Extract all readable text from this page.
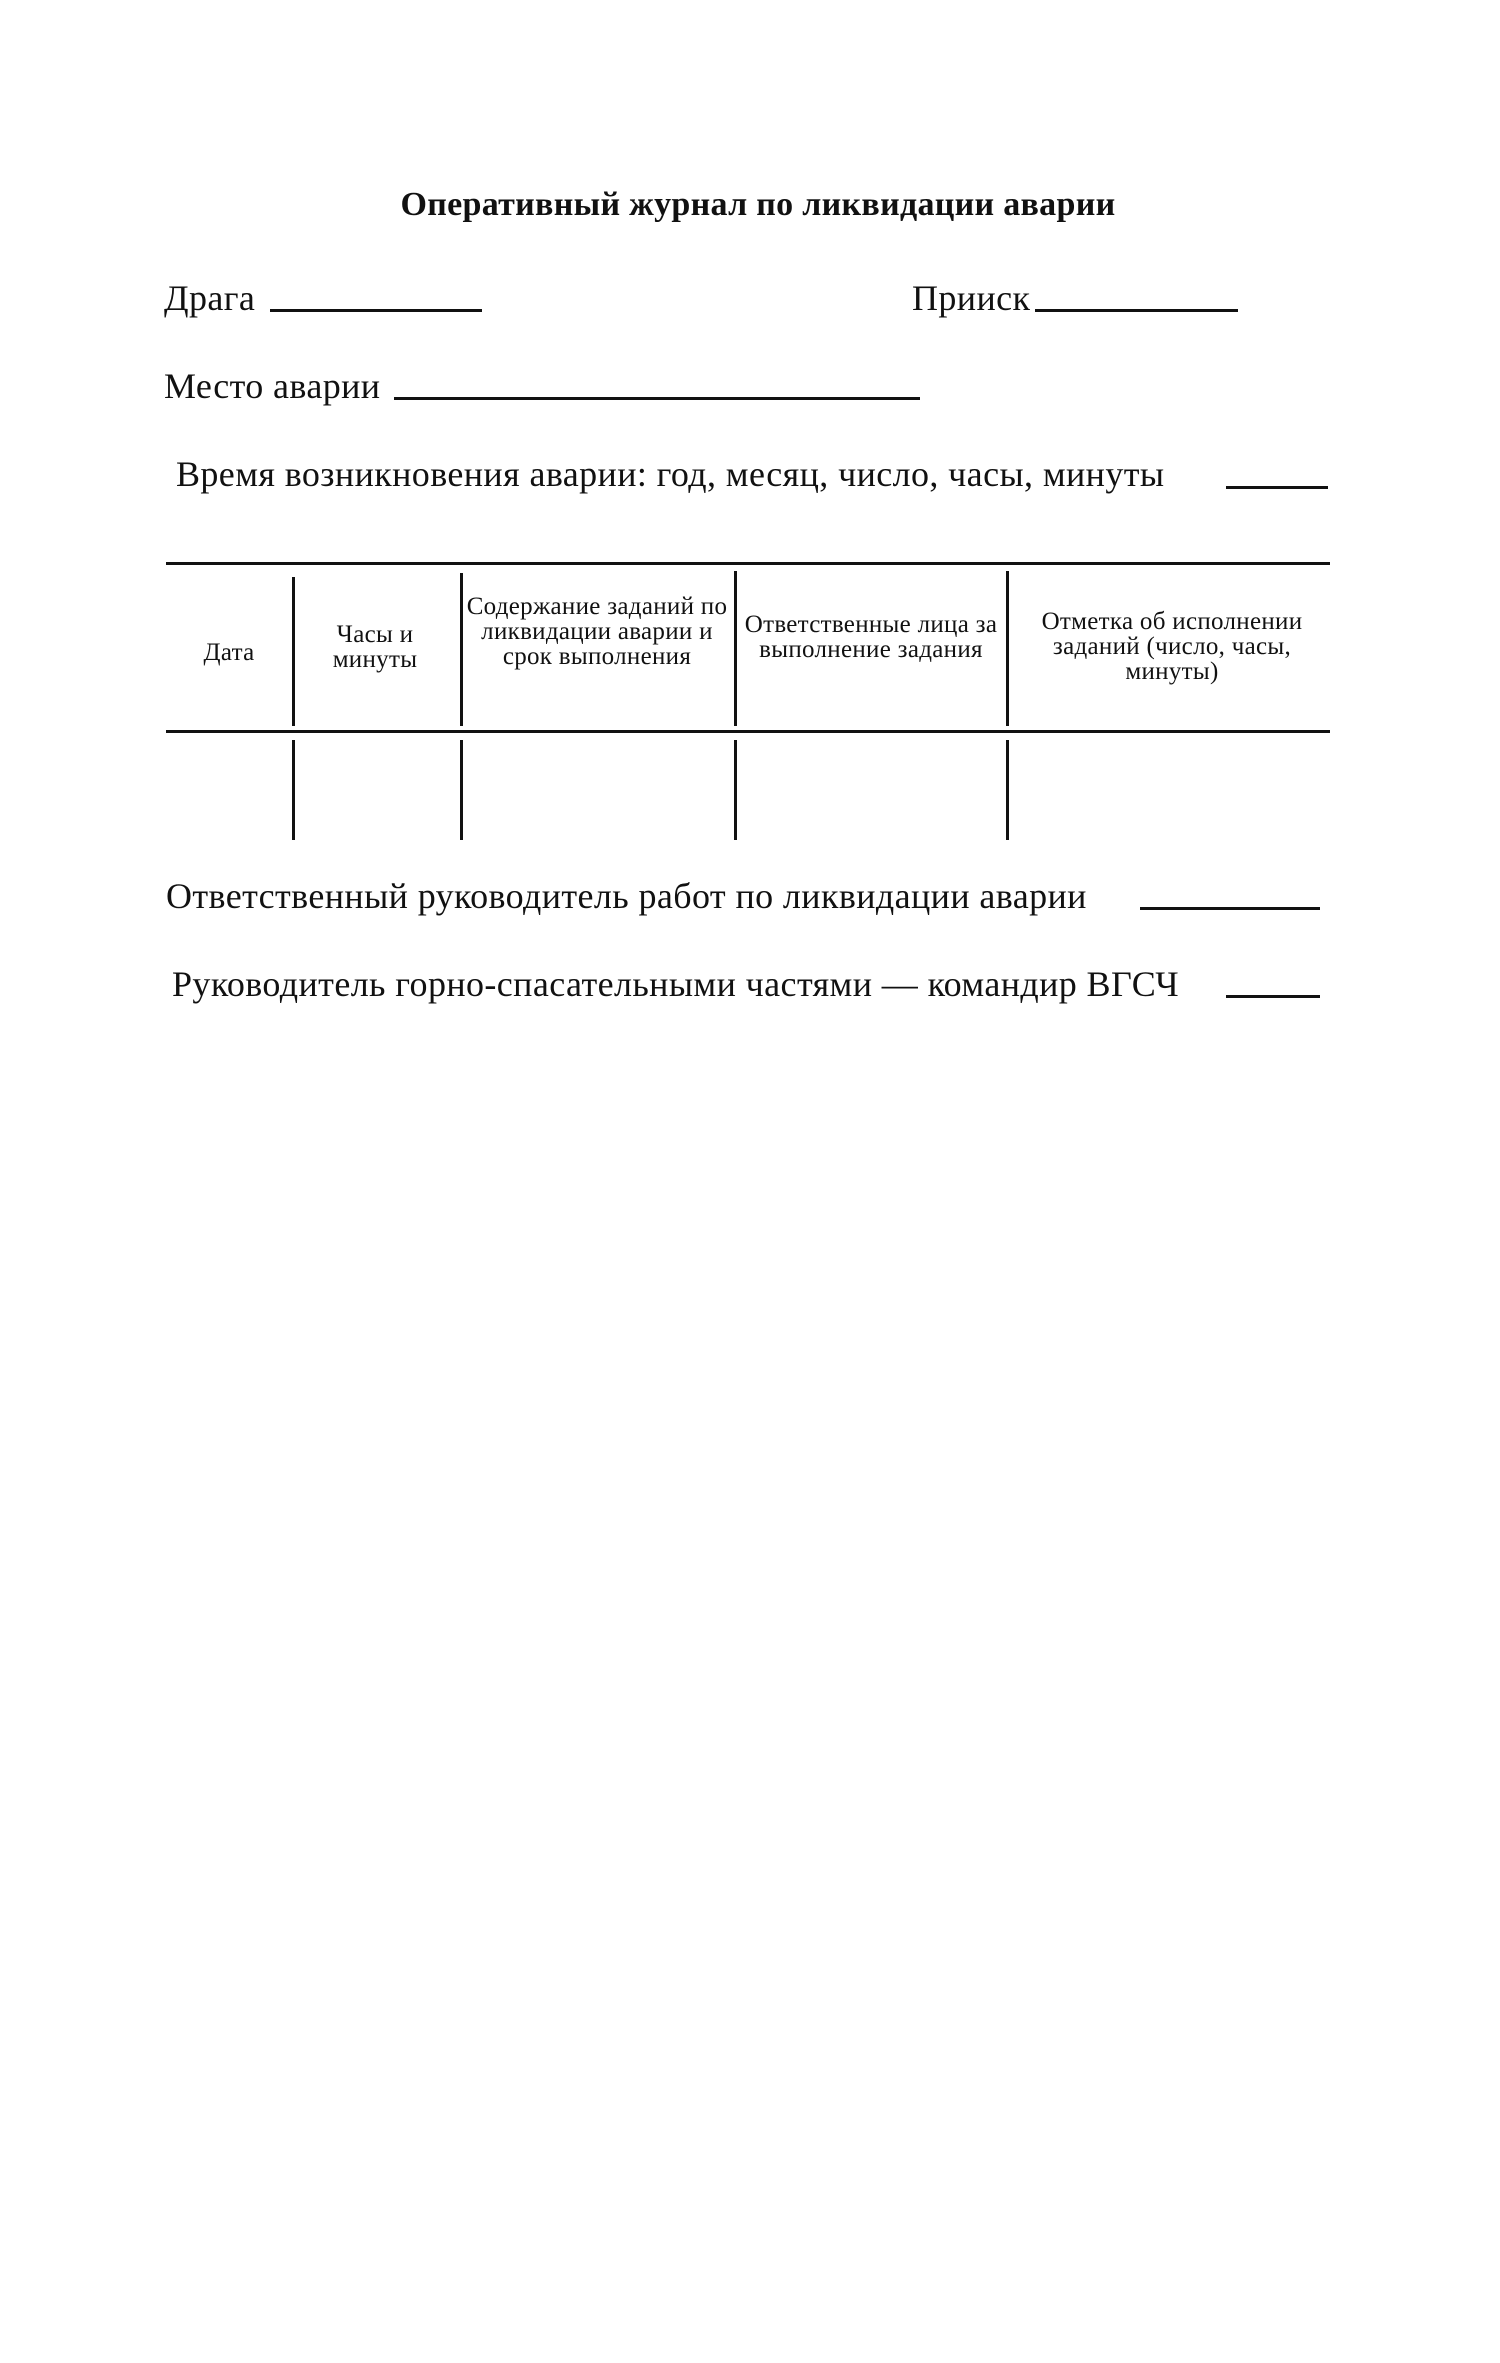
Оперативный журнал по ликвидации аварии
Драга	Прииск
Место аварии
Время возникновения аварии: год, месяц, число, часы, минуты
Дата
Часы и минуты
Содержание заданий по ликвидации аварии и срок выполнения
Ответственные лица за выполнение задания
Отметка об исполнении заданий (число, часы, минуты)
Ответственный руководитель работ по ликвидации аварии
Руководитель горно-спасательными частями — командир ВГСЧ
